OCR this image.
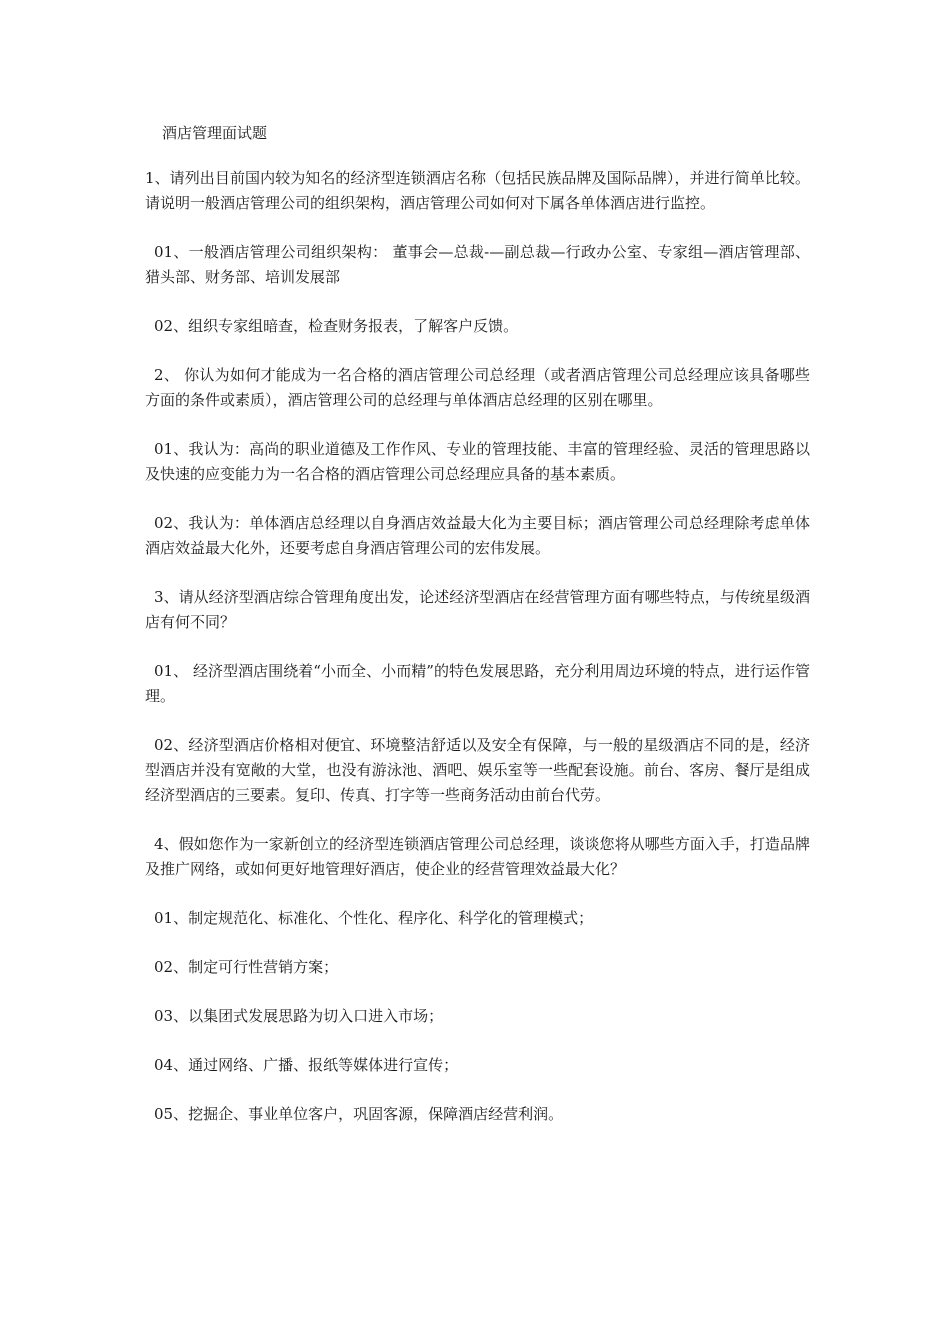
酒店管理面试题

1、请列出目前国内较为知名的经济型连锁酒店名称（包括民族品牌及国际品牌），并进行简单比较。请说明一般酒店管理公司的组织架构，酒店管理公司如何对下属各单体酒店进行监控。

01、一般酒店管理公司组织架构： 董事会—总裁-—副总裁—行政办公室、专家组—酒店管理部、猎头部、财务部、培训发展部

02、组织专家组暗查，检查财务报表，了解客户反馈。

2、 你认为如何才能成为一名合格的酒店管理公司总经理（或者酒店管理公司总经理应该具备哪些方面的条件或素质），酒店管理公司的总经理与单体酒店总经理的区别在哪里。

01、我认为：高尚的职业道德及工作作风、专业的管理技能、丰富的管理经验、灵活的管理思路以及快速的应变能力为一名合格的酒店管理公司总经理应具备的基本素质。

02、我认为：单体酒店总经理以自身酒店效益最大化为主要目标；酒店管理公司总经理除考虑单体酒店效益最大化外，还要考虑自身酒店管理公司的宏伟发展。

3、请从经济型酒店综合管理角度出发，论述经济型酒店在经营管理方面有哪些特点，与传统星级酒店有何不同？

01、 经济型酒店围绕着“小而全、小而精”的特色发展思路，充分利用周边环境的特点，进行运作管理。

02、经济型酒店价格相对便宜、环境整洁舒适以及安全有保障，与一般的星级酒店不同的是，经济型酒店并没有宽敞的大堂，也没有游泳池、酒吧、娱乐室等一些配套设施。前台、客房、餐厅是组成经济型酒店的三要素。复印、传真、打字等一些商务活动由前台代劳。

4、假如您作为一家新创立的经济型连锁酒店管理公司总经理，谈谈您将从哪些方面入手，打造品牌及推广网络，或如何更好地管理好酒店，使企业的经营管理效益最大化？

01、制定规范化、标准化、个性化、程序化、科学化的管理模式；

02、制定可行性营销方案；

03、以集团式发展思路为切入口进入市场；

04、通过网络、广播、报纸等媒体进行宣传；

05、挖掘企、事业单位客户，巩固客源，保障酒店经营利润。
